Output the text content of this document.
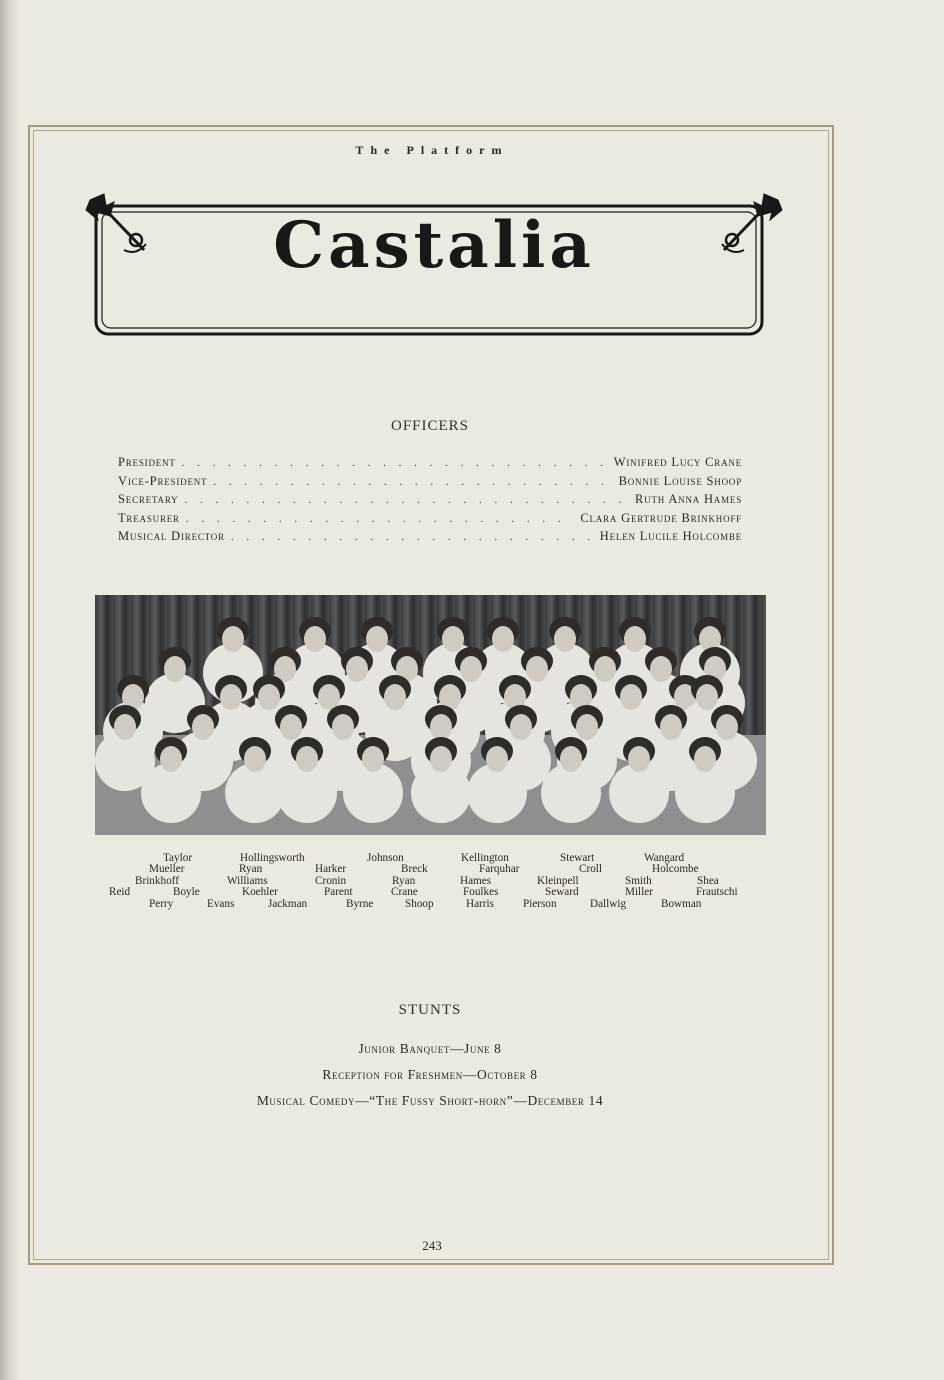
The Platform
Castalia
OFFICERS
President . . .	Winifred Lucy Crane
Vice-President . . .	Bonnie Louise Shoop
Secretary . . .	Ruth Anna Hames
Treasurer . . .	Clara Gertrude Brinkhoff
Musical Director . . .	Helen Lucile Holcombe
Taylor	Hollingsworth	Johnson	Kellington	Stewart	Wangard
Mueller	Ryan	Harker	Breck	Farquhar	Croll	Holcombe
Brinkhoff	Williams	Cronin	Ryan	Hames	Kleinpell	Smith	Shea
Reid	Boyle	Koehler	Parent	Crane	Foulkes	Seward	Miller	Frautschi
Perry	Evans	Jackman	Byrne	Shoop	Harris	Pierson	Dallwig	Bowman
STUNTS
Junior Banquet—June 8
Reception for Freshmen—October 8
Musical Comedy—“The Fussy Short-horn”—December 14
243
